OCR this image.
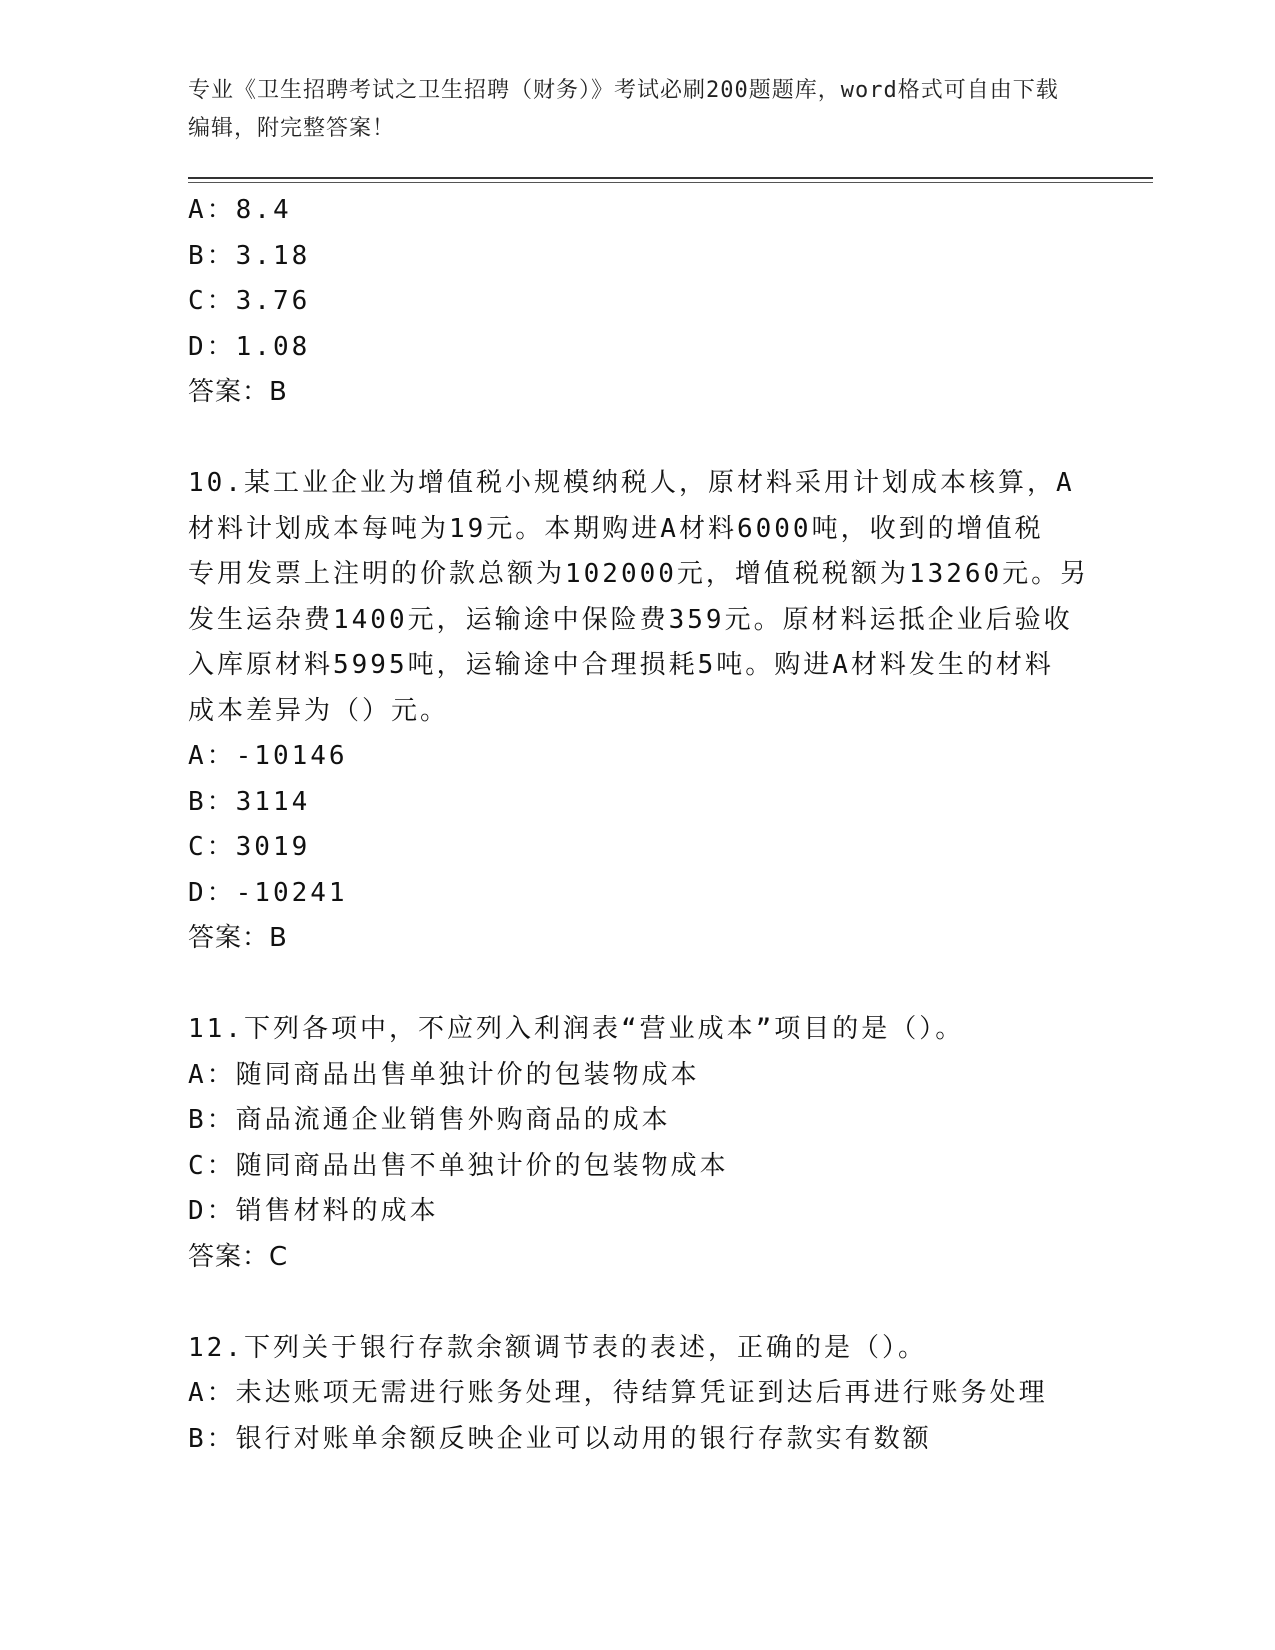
专业《卫生招聘考试之卫生招聘（财务）》考试必刷200题题库，word格式可自由下载编辑，附完整答案！
A：8.4
B：3.18
C：3.76
D：1.08
答案：B
10.某工业企业为增值税小规模纳税人，原材料采用计划成本核算，A
材料计划成本每吨为19元。本期购进A材料6000吨，收到的增值税
专用发票上注明的价款总额为102000元，增值税税额为13260元。另
发生运杂费1400元，运输途中保险费359元。原材料运抵企业后验收
入库原材料5995吨，运输途中合理损耗5吨。购进A材料发生的材料
成本差异为（）元。
A：-10146
B：3114
C：3019
D：-10241
答案：B
11.下列各项中，不应列入利润表“营业成本”项目的是（）。
A：随同商品出售单独计价的包装物成本
B：商品流通企业销售外购商品的成本
C：随同商品出售不单独计价的包装物成本
D：销售材料的成本
答案：C
12.下列关于银行存款余额调节表的表述，正确的是（）。
A：未达账项无需进行账务处理，待结算凭证到达后再进行账务处理
B：银行对账单余额反映企业可以动用的银行存款实有数额
